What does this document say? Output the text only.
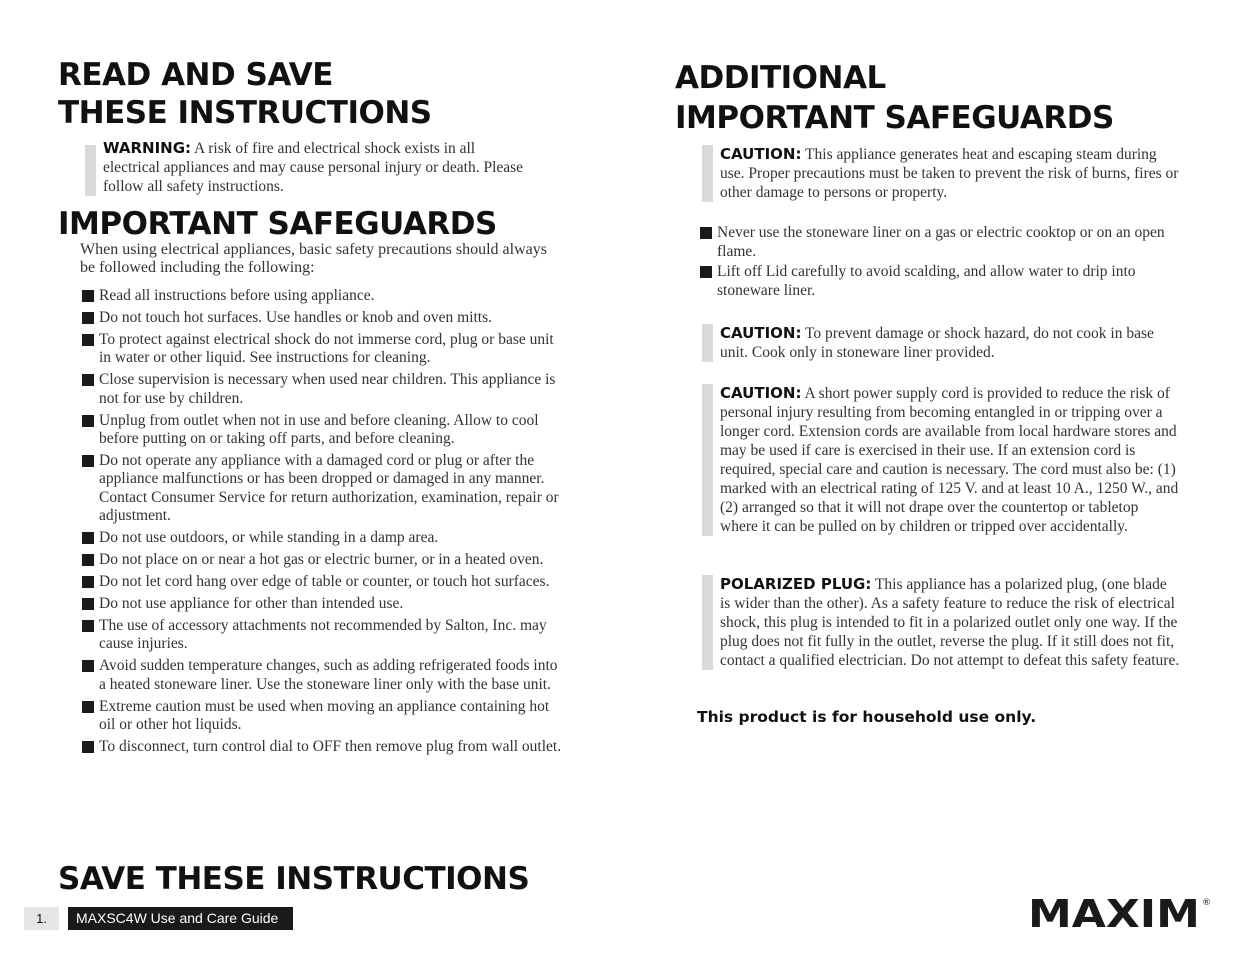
READ AND SAVE
THESE INSTRUCTIONS
WARNING: A risk of fire and electrical shock exists in all electrical appliances and may cause personal injury or death. Please follow all safety instructions.
IMPORTANT SAFEGUARDS
When using electrical appliances, basic safety precautions should always be followed including the following:
Read all instructions before using appliance.
Do not touch hot surfaces. Use handles or knob and oven mitts.
To protect against electrical shock do not immerse cord, plug or base unit in water or other liquid. See instructions for cleaning.
Close supervision is necessary when used near children. This appliance is not for use by children.
Unplug from outlet when not in use and before cleaning. Allow to cool before putting on or taking off parts, and before cleaning.
Do not operate any appliance with a damaged cord or plug or after the appliance malfunctions or has been dropped or damaged in any manner. Contact Consumer Service for return authorization, examination, repair or adjustment.
Do not use outdoors, or while standing in a damp area.
Do not place on or near a hot gas or electric burner, or in a heated oven.
Do not let cord hang over edge of table or counter, or touch hot surfaces.
Do not use appliance for other than intended use.
The use of accessory attachments not recommended by Salton, Inc. may cause injuries.
Avoid sudden temperature changes, such as adding refrigerated foods into a heated stoneware liner. Use the stoneware liner only with the base unit.
Extreme caution must be used when moving an appliance containing hot oil or other hot liquids.
To disconnect, turn control dial to OFF then remove plug from wall outlet.
SAVE THESE INSTRUCTIONS
1.	MAXSC4W Use and Care Guide
ADDITIONAL
IMPORTANT SAFEGUARDS
CAUTION: This appliance generates heat and escaping steam during use. Proper precautions must be taken to prevent the risk of burns, fires or other damage to persons or property.
Never use the stoneware liner on a gas or electric cooktop or on an open flame.
Lift off Lid carefully to avoid scalding, and allow water to drip into stoneware liner.
CAUTION: To prevent damage or shock hazard, do not cook in base unit. Cook only in stoneware liner provided.
CAUTION: A short power supply cord is provided to reduce the risk of personal injury resulting from becoming entangled in or tripping over a longer cord. Extension cords are available from local hardware stores and may be used if care is exercised in their use. If an extension cord is required, special care and caution is necessary. The cord must also be: (1) marked with an electrical rating of 125 V. and at least 10 A., 1250 W., and (2) arranged so that it will not drape over the countertop or tabletop where it can be pulled on by children or tripped over accidentally.
POLARIZED PLUG: This appliance has a polarized plug, (one blade is wider than the other). As a safety feature to reduce the risk of electrical shock, this plug is intended to fit in a polarized outlet only one way. If the plug does not fit fully in the outlet, reverse the plug. If it still does not fit, contact a qualified electrician. Do not attempt to defeat this safety feature.
This product is for household use only.
MAXIM ®
